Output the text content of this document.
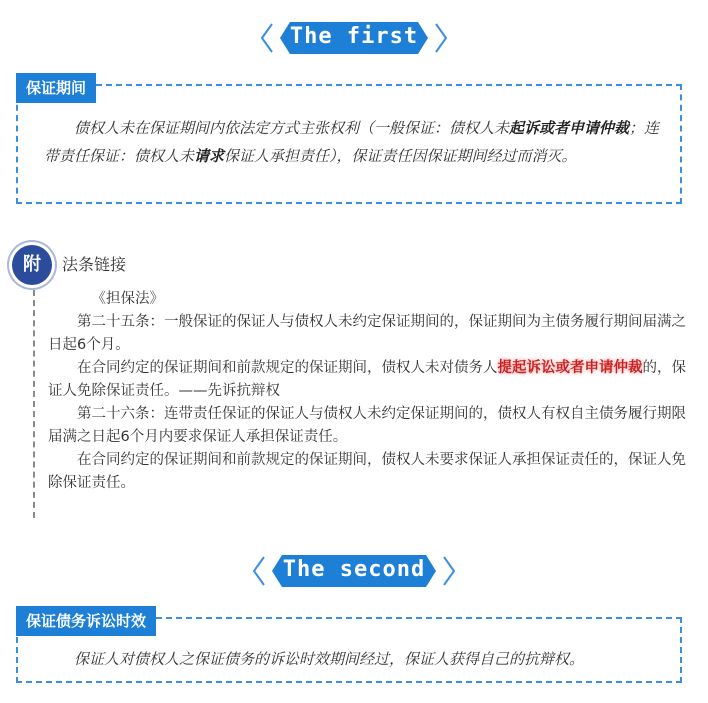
The first
债权人未在保证期间内依法定方式主张权利（一般保证：债权人未起诉或者申请仲裁；连带责任保证：债权人未请求保证人承担责任），保证责任因保证期间经过而消灭。
保证期间
附	法条链接

《担保法》

第二十五条：一般保证的保证人与债权人未约定保证期间的，保证期间为主债务履行期间届满之日起6个月。

在合同约定的保证期间和前款规定的保证期间，债权人未对债务人提起诉讼或者申请仲裁的，保证人免除保证责任。——先诉抗辩权

第二十六条：连带责任保证的保证人与债权人未约定保证期间的，债权人有权自主债务履行期限届满之日起6个月内要求保证人承担保证责任。

在合同约定的保证期间和前款规定的保证期间，债权人未要求保证人承担保证责任的，保证人免除保证责任。

The second
保证人对债权人之保证债务的诉讼时效期间经过，保证人获得自己的抗辩权。
保证债务诉讼时效
